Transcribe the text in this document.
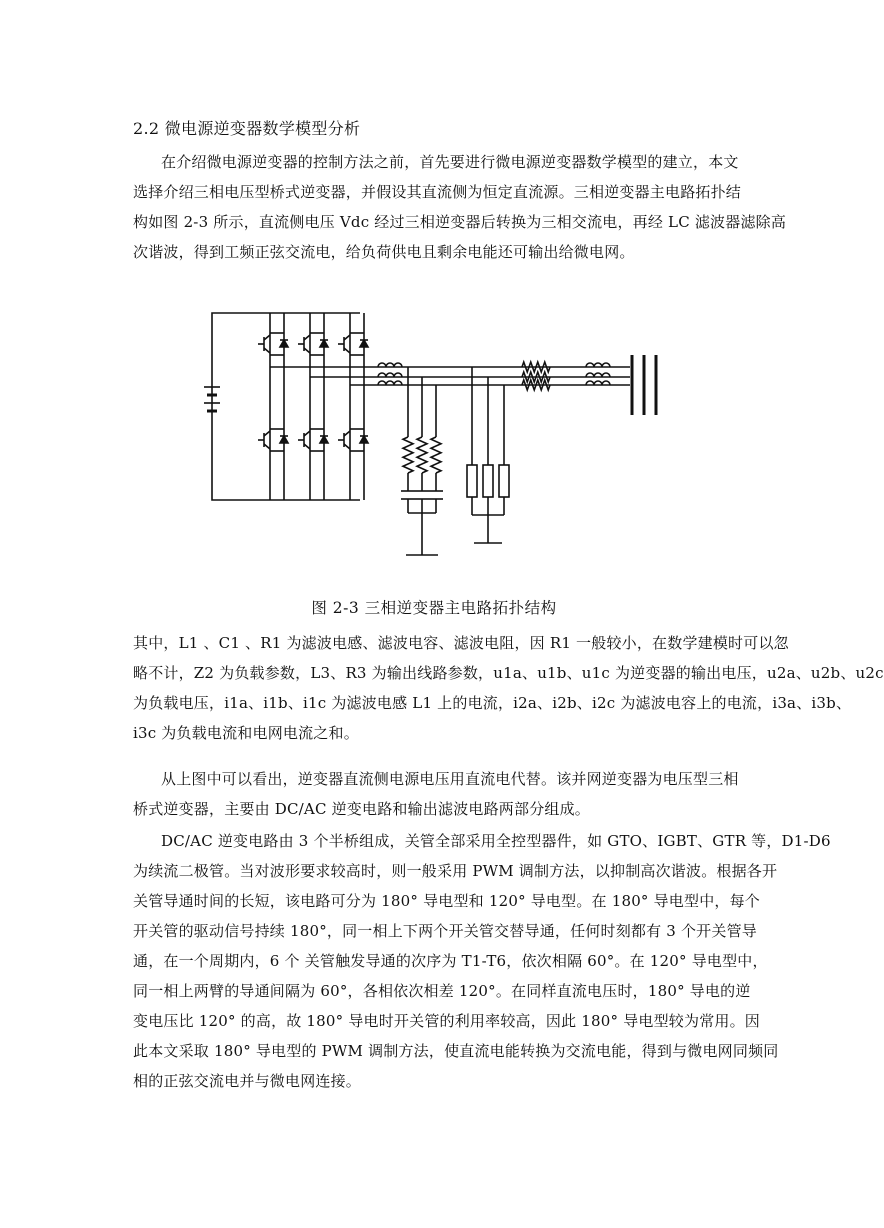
2.2 微电源逆变器数学模型分析
在介绍微电源逆变器的控制方法之前，首先要进行微电源逆变器数学模型的建立，本文
选择介绍三相电压型桥式逆变器，并假设其直流侧为恒定直流源。三相逆变器主电路拓扑结
构如图 2-3 所示，直流侧电压 Vdc 经过三相逆变器后转换为三相交流电，再经 LC 滤波器滤除高
次谐波，得到工频正弦交流电，给负荷供电且剩余电能还可输出给微电网。
图 2-3 三相逆变器主电路拓扑结构
其中，L1 、C1 、R1 为滤波电感、滤波电容、滤波电阻，因 R1 一般较小，在数学建模时可以忽
略不计，Z2 为负载参数，L3、R3 为输出线路参数，u1a、u1b、u1c 为逆变器的输出电压，u2a、u2b、u2c
为负载电压，i1a、i1b、i1c 为滤波电感 L1 上的电流，i2a、i2b、i2c 为滤波电容上的电流，i3a、i3b、
i3c 为负载电流和电网电流之和。
从上图中可以看出，逆变器直流侧电源电压用直流电代替。该并网逆变器为电压型三相
桥式逆变器，主要由 DC/AC 逆变电路和输出滤波电路两部分组成。
DC/AC 逆变电路由 3 个半桥组成，关管全部采用全控型器件，如 GTO、IGBT、GTR 等，D1-D6
为续流二极管。当对波形要求较高时，则一般采用 PWM 调制方法，以抑制高次谐波。根据各开
关管导通时间的长短，该电路可分为 180° 导电型和 120° 导电型。在 180° 导电型中，每个
开关管的驱动信号持续 180°，同一相上下两个开关管交替导通，任何时刻都有 3 个开关管导
通，在一个周期内，6 个 关管触发导通的次序为 T1-T6，依次相隔 60°。在 120° 导电型中，
同一相上两臂的导通间隔为 60°，各相依次相差 120°。在同样直流电压时，180° 导电的逆
变电压比 120° 的高，故 180° 导电时开关管的利用率较高，因此 180° 导电型较为常用。因
此本文采取 180° 导电型的 PWM 调制方法，使直流电能转换为交流电能，得到与微电网同频同
相的正弦交流电并与微电网连接。
